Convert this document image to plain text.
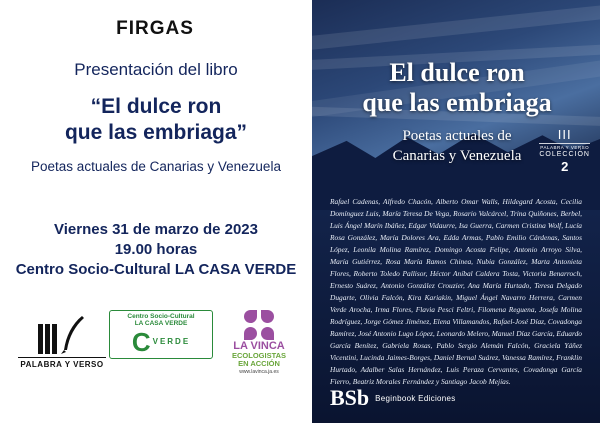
FIRGAS
Presentación del libro
“El dulce ron
que las embriaga”
Poetas actuales de Canarias y Venezuela
Viernes 31 de marzo de 2023
19.00 horas
Centro Socio-Cultural LA CASA VERDE
PALABRA Y VERSO
Centro Socio-Cultural
LA CASA VERDE
C VERDE	LA VINCA
ECOLOGISTAS
EN ACCIÓN
www.lavinca.ja.es
El dulce ron
que las embriaga
Poetas actuales de
Canarias y Venezuela
III
PALABRA Y VERSO
COLECCIÓN
2
Rafael Cadenas, Alfredo Chacón, Alberto Omar Walls, Hildegard Acosta, Cecilia Domínguez Luis, María Teresa De Vega, Rosario Valcárcel, Trina Quiñones, Berbel, Luis Ángel Marín Ibáñez, Edgar Vidaurre, Isa Guerra, Carmen Cristina Wolf, Lucía Rosa González, María Dolores Ara, Edda Armas, Pablo Emilio Cárdenas, Santos López, Leonila Molina Ramírez, Domingo Acosta Felipe, Antonio Arroyo Silva, María Gutiérrez, Rosa María Ramos Chinea, Nubia González, Marta Antonieta Flores, Roberto Toledo Pallisor, Héctor Aníbal Caldera Tosta, Victoria Benarroch, Ernesto Suárez, Antonio González Crouzier, Ana María Hurtado, Teresa Delgado Dugarte, Olivia Falcón, Kira Kariakin, Miguel Ángel Navarro Herrera, Carmen Verde Arocha, Irma Flores, Flavia Pesci Feltri, Filomena Reguena, Josefa Molina Rodríguez, Jorge Gómez Jiménez, Elena Villamandos, Rafael-José Díaz, Covadonga Ramírez, José Antonio Lugo López, Leonardo Melero, Manuel Díaz García, Eduardo García Benítez, Gabriela Rosas, Pablo Sergio Alemán Falcón, Graciela Yáñez Vicentini, Lucinda Jaimes-Borges, Daniel Bernal Suárez, Vanessa Ramírez, Franklin Hurtado, Adalber Salas Hernández, Luis Peraza Cervantes, Covadonga García Fierro, Beatriz Morales Fernández y Santiago Jacob Mejías.
BSb Beginbook Ediciones
